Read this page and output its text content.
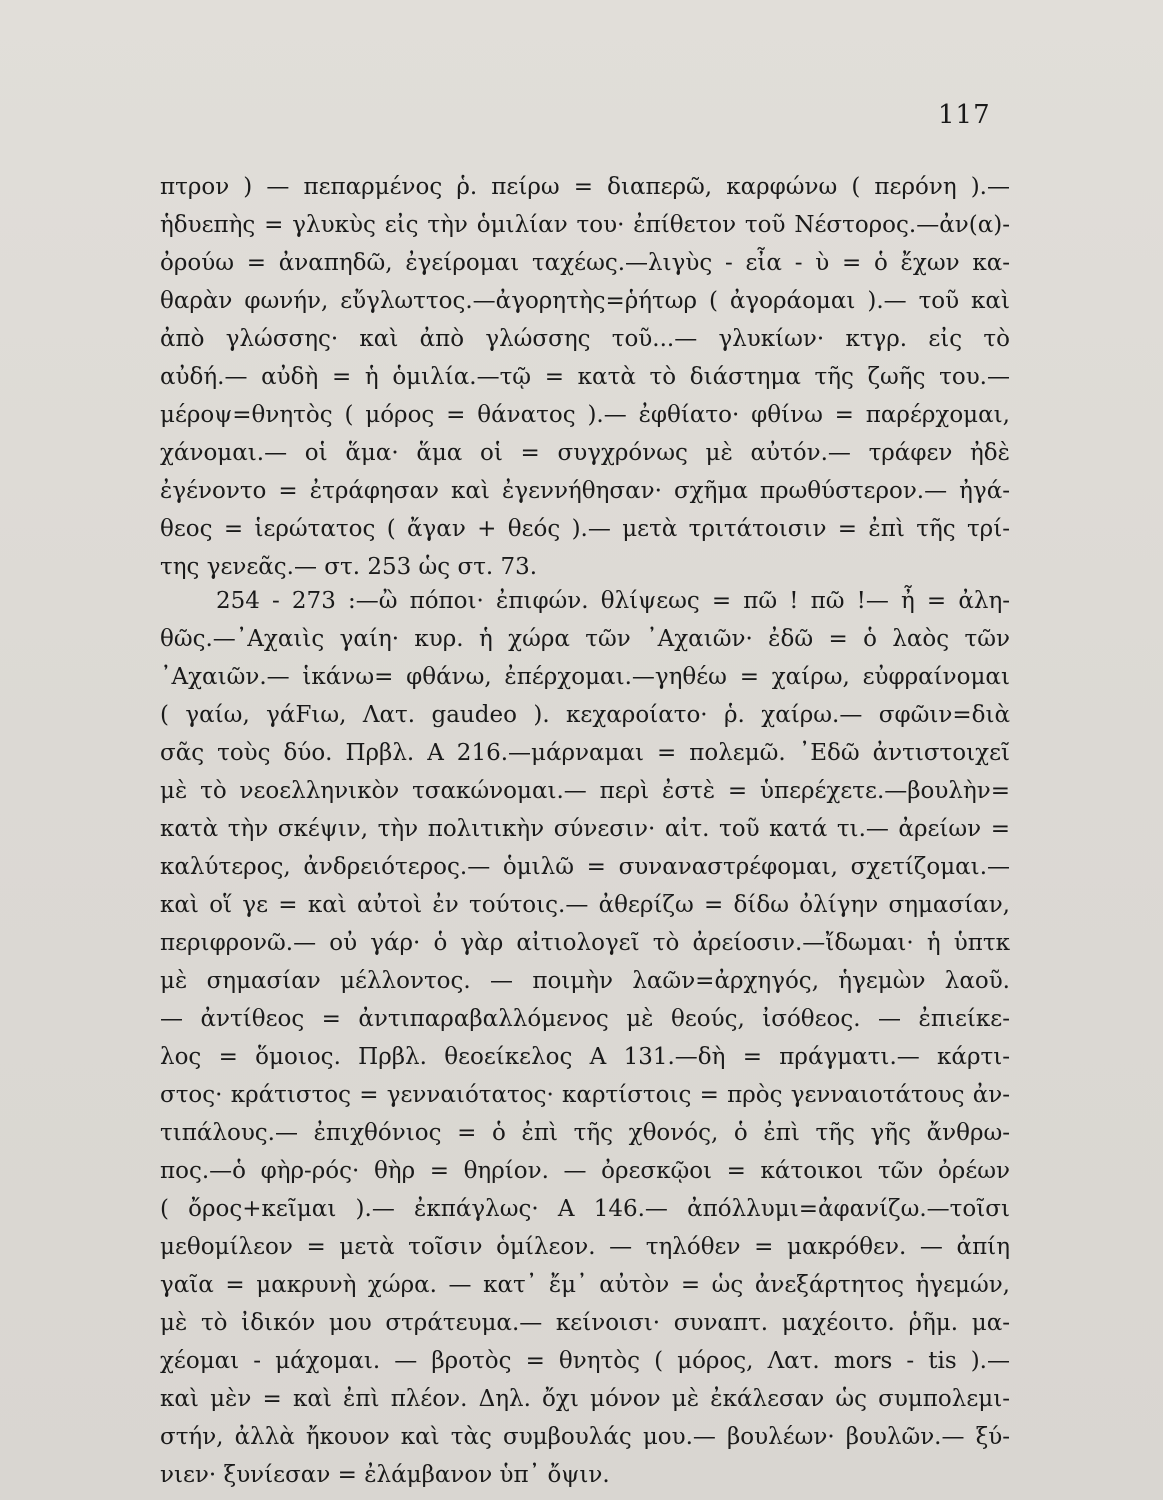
117
πτρον ) — πεπαρμένος ῥ. πείρω = διαπερῶ, καρφώνω ( περόνη ).—
ἡδυεπὴς = γλυκὺς εἰς τὴν ὁμιλίαν του· ἐπίθετον τοῦ Νέστορος.—ἀν(α)-
ὀρούω = ἀναπηδῶ, ἐγείρομαι ταχέως.—λιγὺς - εἶα - ὺ = ὁ ἔχων κα-
θαρὰν φωνήν, εὔγλωττος.—ἀγορητὴς=ῥήτωρ ( ἀγοράομαι ).— τοῦ καὶ
ἀπὸ γλώσσης· καὶ ἀπὸ γλώσσης τοῦ...— γλυκίων· κτγρ. εἰς τὸ
αὐδή.— αὐδὴ = ἡ ὁμιλία.—τῷ = κατὰ τὸ διάστημα τῆς ζωῆς του.—
μέροψ=θνητὸς ( μόρος = θάνατος ).— ἐφθίατο· φθίνω = παρέρχομαι,
χάνομαι.— οἱ ἅμα· ἅμα οἱ = συγχρόνως μὲ αὐτόν.— τράφεν ἠδὲ
ἐγένοντο = ἐτράφησαν καὶ ἐγεννήθησαν· σχῆμα πρωθύστερον.— ἠγά-
θεος = ἱερώτατος ( ἄγαν + θεός ).— μετὰ τριτάτοισιν = ἐπὶ τῆς τρί-
της γενεᾶς.— στ. 253 ὡς στ. 73.
254 - 273 :—ὢ πόποι· ἐπιφών. θλίψεως = πῶ ! πῶ !— ἦ = ἀλη-
θῶς.—᾿Αχαιὶς γαίη· κυρ. ἡ χώρα τῶν ᾿Αχαιῶν· ἐδῶ = ὁ λαὸς τῶν
᾿Αχαιῶν.— ἱκάνω= φθάνω, ἐπέρχομαι.—γηθέω = χαίρω, εὐφραίνομαι
( γαίω, γάFιω, Λατ. gaudeo ). κεχαροίατο· ῥ. χαίρω.— σφῶιν=διὰ
σᾶς τοὺς δύο. Πρβλ. Α 216.—μάρναμαι = πολεμῶ. ᾿Εδῶ ἀντιστοιχεῖ
μὲ τὸ νεοελληνικὸν τσακώνομαι.— περὶ ἐστὲ = ὑπερέχετε.—βουλὴν=
κατὰ τὴν σκέψιν, τὴν πολιτικὴν σύνεσιν· αἰτ. τοῦ κατά τι.— ἀρείων =
καλύτερος, ἀνδρειότερος.— ὁμιλῶ = συναναστρέφομαι, σχετίζομαι.—
καὶ οἵ γε = καὶ αὐτοὶ ἐν τούτοις.— ἀθερίζω = δίδω ὀλίγην σημασίαν,
περιφρονῶ.— οὐ γάρ· ὁ γὰρ αἰτιολογεῖ τὸ ἀρείοσιν.—ἴδωμαι· ἡ ὑπτκ
μὲ σημασίαν μέλλοντος. — ποιμὴν λαῶν=ἀρχηγός, ἡγεμὼν λαοῦ.
— ἀντίθεος = ἀντιπαραβαλλόμενος μὲ θεούς, ἰσόθεος. — ἐπιείκε-
λος = ὅμοιος. Πρβλ. θεοείκελος Α 131.—δὴ = πράγματι.— κάρτι-
στος· κράτιστος = γενναιότατος· καρτίστοις = πρὸς γενναιοτάτους ἀν-
τιπάλους.— ἐπιχθόνιος = ὁ ἐπὶ τῆς χθονός, ὁ ἐπὶ τῆς γῆς ἄνθρω-
πος.—ὁ φὴρ-ρός· θὴρ = θηρίον. — ὀρεσκῷοι = κάτοικοι τῶν ὀρέων
( ὄρος+κεῖμαι ).— ἐκπάγλως· Α 146.— ἀπόλλυμι=ἀφανίζω.—τοῖσι
μεθομίλεον = μετὰ τοῖσιν ὁμίλεον. — τηλόθεν = μακρόθεν. — ἀπίη
γαῖα = μακρυνὴ χώρα. — κατ᾿ ἔμ᾿ αὐτὸν = ὡς ἀνεξάρτητος ἡγεμών,
μὲ τὸ ἰδικόν μου στράτευμα.— κείνοισι· συναπτ. μαχέοιτο. ῥῆμ. μα-
χέομαι - μάχομαι. — βροτὸς = θνητὸς ( μόρος, Λατ. mors - tis ).—
καὶ μὲν = καὶ ἐπὶ πλέον. Δηλ. ὄχι μόνον μὲ ἐκάλεσαν ὡς συμπολεμι-
στήν, ἀλλὰ ἤκουον καὶ τὰς συμβουλάς μου.— βουλέων· βουλῶν.— ξύ-
νιεν· ξυνίεσαν = ἐλάμβανον ὑπ᾿ ὄψιν.
